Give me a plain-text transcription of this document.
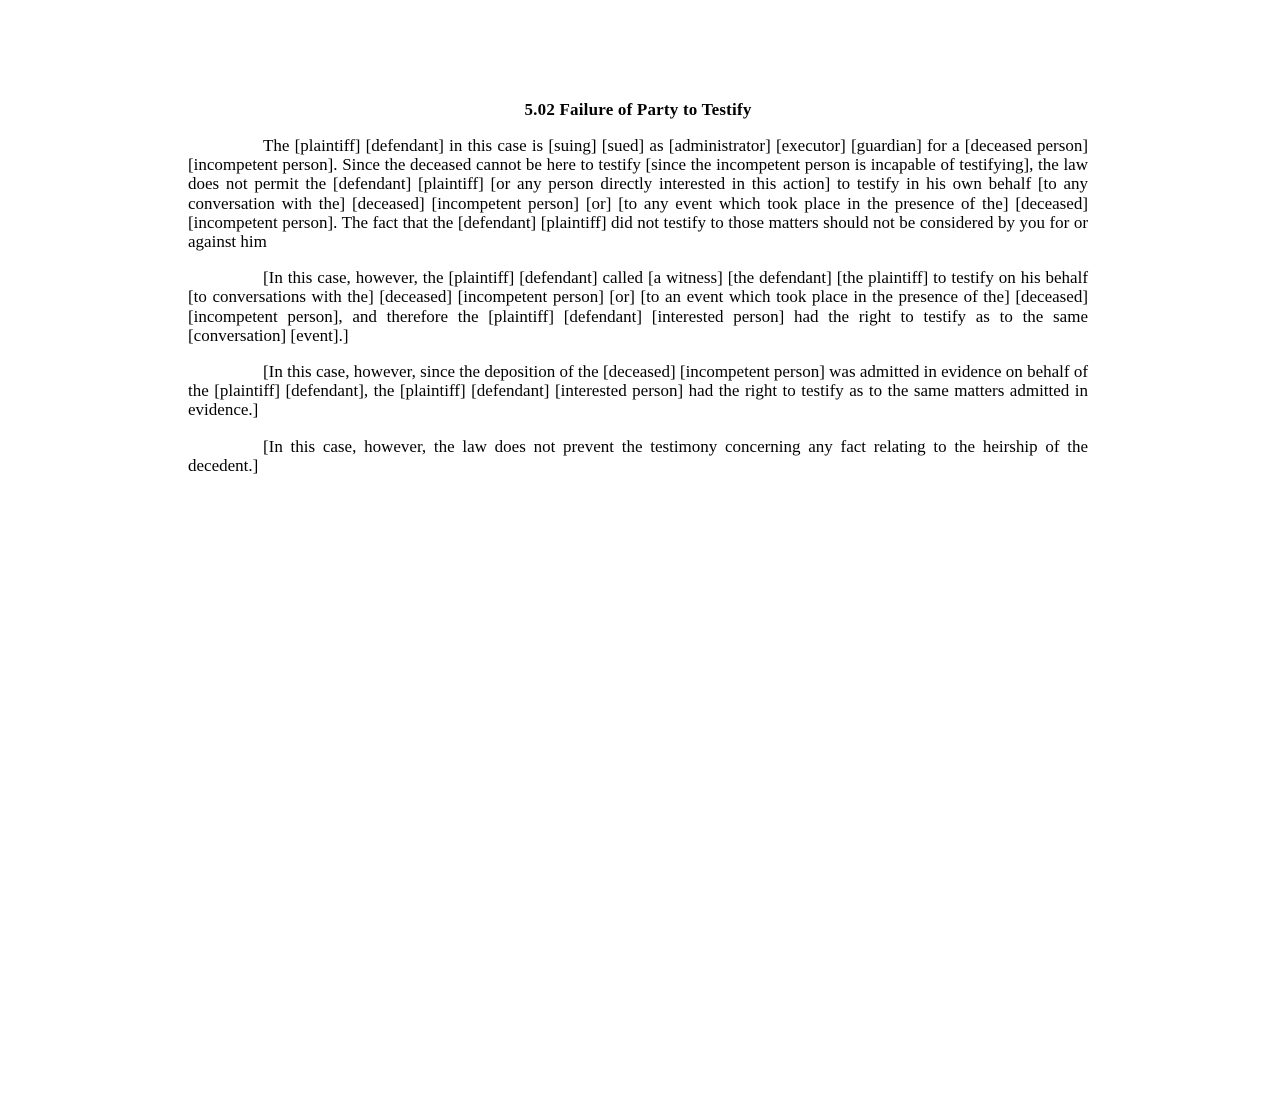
5.02 Failure of Party to Testify

The [plaintiff] [defendant] in this case is [suing] [sued] as [administrator] [executor] [guardian] for a [deceased person] [incompetent person]. Since the deceased cannot be here to testify [since the incompetent person is incapable of testifying], the law does not permit the [defendant] [plaintiff] [or any person directly interested in this action] to testify in his own behalf [to any conversation with the] [deceased] [incompetent person] [or] [to any event which took place in the presence of the] [deceased] [incompetent person]. The fact that the [defendant] [plaintiff] did not testify to those matters should not be considered by you for or against him

[In this case, however, the [plaintiff] [defendant] called [a witness] [the defendant] [the plaintiff] to testify on his behalf [to conversations with the] [deceased] [incompetent person] [or] [to an event which took place in the presence of the] [deceased] [incompetent person], and therefore the [plaintiff] [defendant] [interested person] had the right to testify as to the same [conversation] [event].]

[In this case, however, since the deposition of the [deceased] [incompetent person] was admitted in evidence on behalf of the [plaintiff] [defendant], the [plaintiff] [defendant] [interested person] had the right to testify as to the same matters admitted in evidence.]

[In this case, however, the law does not prevent the testimony concerning any fact relating to the heirship of the decedent.]
